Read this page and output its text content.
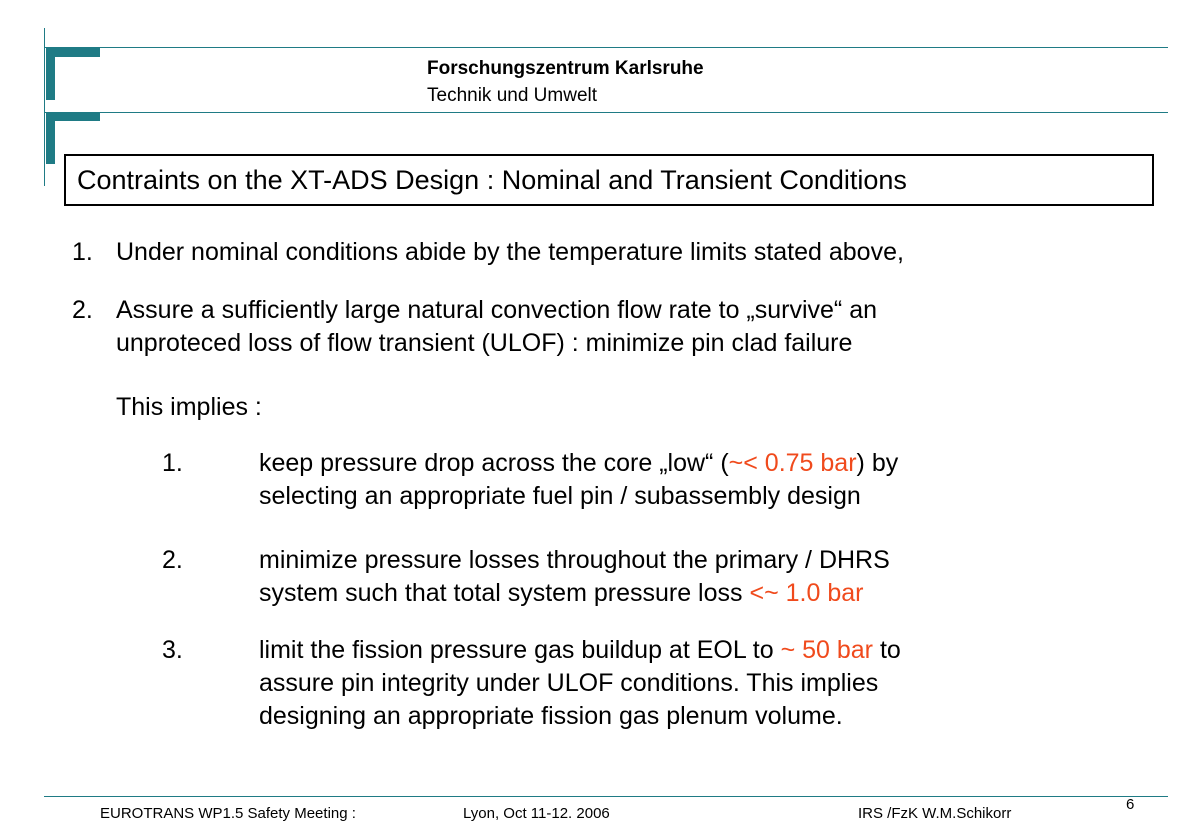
Forschungszentrum Karlsruhe
Technik und Umwelt
Contraints on the XT-ADS Design : Nominal and Transient Conditions
1. Under nominal conditions abide by the temperature limits stated above,
2. Assure a sufficiently large natural convection flow rate to „survive“ an
unproteced loss of flow transient (ULOF) : minimize pin clad failure
This implies :
1.	keep pressure drop across the core „low“ (~< 0.75 bar) by
selecting an appropriate fuel pin / subassembly design
2.	minimize pressure losses throughout the primary / DHRS
system such that total system pressure loss <~ 1.0 bar
3.	limit the fission pressure gas buildup at EOL to ~ 50 bar to
assure pin integrity under ULOF conditions. This implies
designing an appropriate fission gas plenum volume.
EUROTRANS WP1.5 Safety Meeting :	Lyon, Oct 11-12. 2006	IRS /FzK W.M.Schikorr
6
